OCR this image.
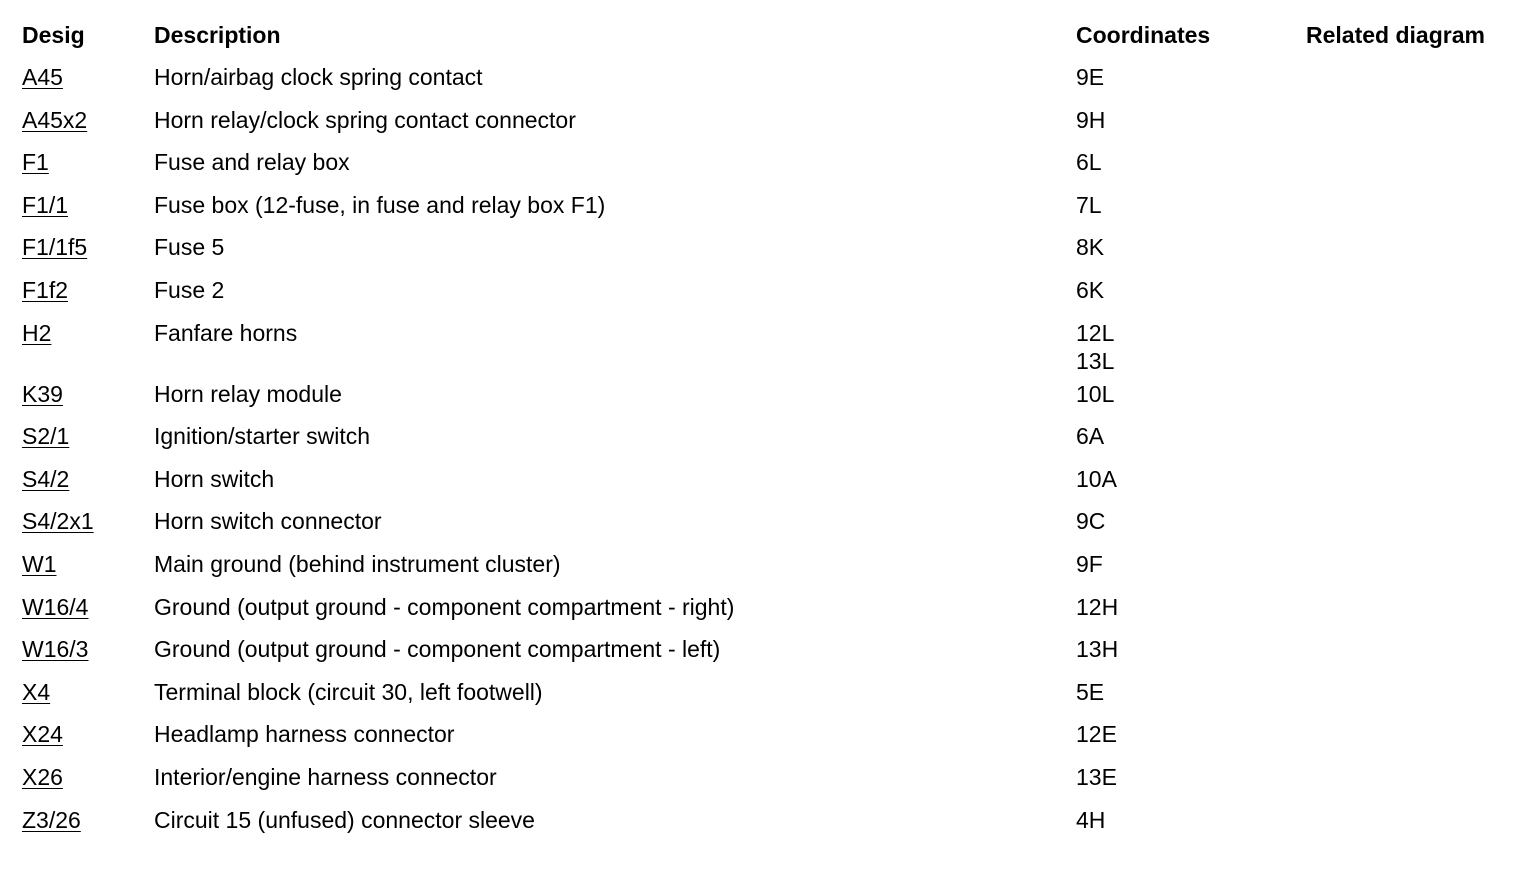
Desig	Description	Coordinates	Related diagram
A45	Horn/airbag clock spring contact	9E	

A45x2	Horn relay/clock spring contact connector	9H	

F1	Fuse and relay box	6L	

F1/1	Fuse box (12-fuse, in fuse and relay box F1)	7L	

F1/1f5	Fuse 5	8K	

F1f2	Fuse 2	6K	

H2	Fanfare horns	12L
13L	

K39	Horn relay module	10L	

S2/1	Ignition/starter switch	6A	

S4/2	Horn switch	10A	

S4/2x1	Horn switch connector	9C	

W1	Main ground (behind instrument cluster)	9F	

W16/4	Ground (output ground - component compartment - right)	12H	

W16/3	Ground (output ground - component compartment - left)	13H	

X4	Terminal block (circuit 30, left footwell)	5E	

X24	Headlamp harness connector	12E	

X26	Interior/engine harness connector	13E	

Z3/26	Circuit 15 (unfused) connector sleeve	4H	
